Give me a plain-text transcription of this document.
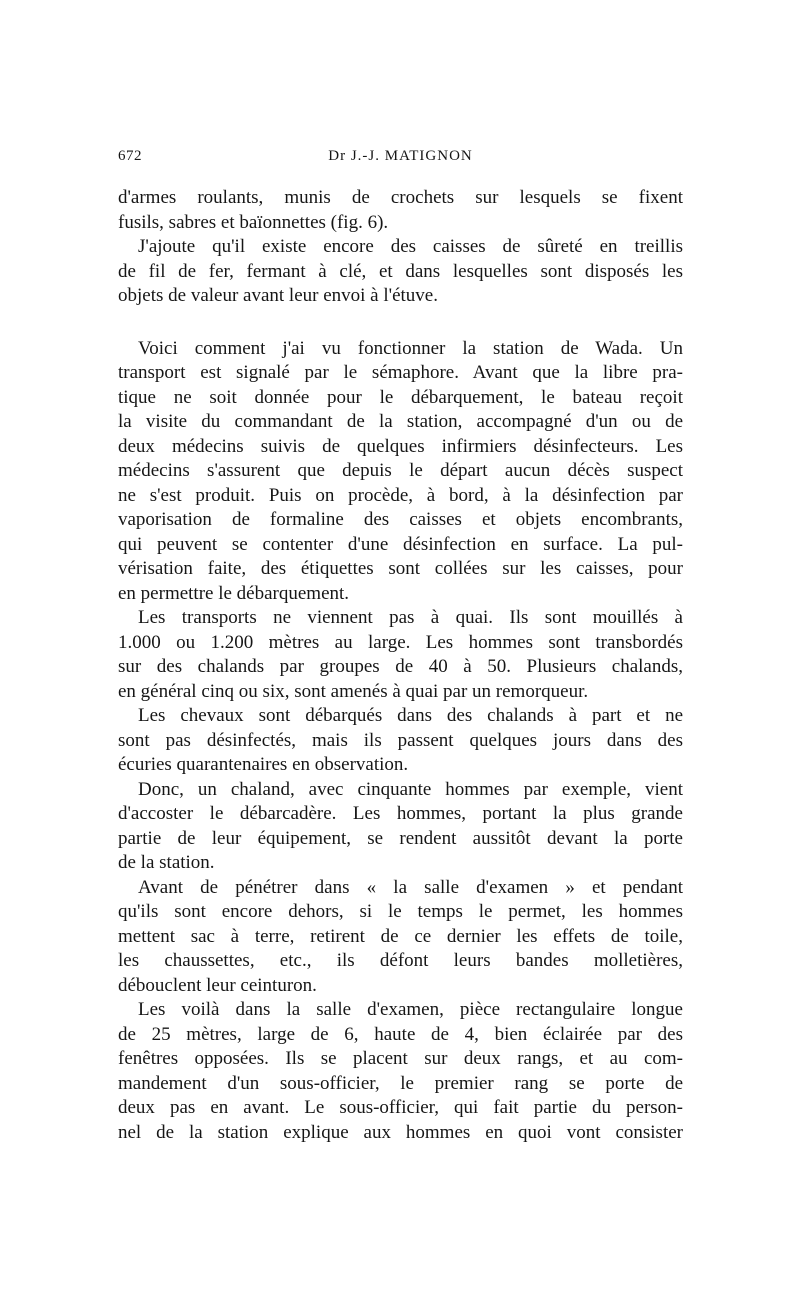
672	Dr J.-J. MATIGNON
d'armes roulants, munis de crochets sur lesquels se fixent
fusils, sabres et baïonnettes (fig. 6).
J'ajoute qu'il existe encore des caisses de sûreté en treillis
de fil de fer, fermant à clé, et dans lesquelles sont disposés les
objets de valeur avant leur envoi à l'étuve.
Voici comment j'ai vu fonctionner la station de Wada. Un
transport est signalé par le sémaphore. Avant que la libre pra-
tique ne soit donnée pour le débarquement, le bateau reçoit
la visite du commandant de la station, accompagné d'un ou de
deux médecins suivis de quelques infirmiers désinfecteurs. Les
médecins s'assurent que depuis le départ aucun décès suspect
ne s'est produit. Puis on procède, à bord, à la désinfection par
vaporisation de formaline des caisses et objets encombrants,
qui peuvent se contenter d'une désinfection en surface. La pul-
vérisation faite, des étiquettes sont collées sur les caisses, pour
en permettre le débarquement.
Les transports ne viennent pas à quai. Ils sont mouillés à
1.000 ou 1.200 mètres au large. Les hommes sont transbordés
sur des chalands par groupes de 40 à 50. Plusieurs chalands,
en général cinq ou six, sont amenés à quai par un remorqueur.
Les chevaux sont débarqués dans des chalands à part et ne
sont pas désinfectés, mais ils passent quelques jours dans des
écuries quarantenaires en observation.
Donc, un chaland, avec cinquante hommes par exemple, vient
d'accoster le débarcadère. Les hommes, portant la plus grande
partie de leur équipement, se rendent aussitôt devant la porte
de la station.
Avant de pénétrer dans « la salle d'examen » et pendant
qu'ils sont encore dehors, si le temps le permet, les hommes
mettent sac à terre, retirent de ce dernier les effets de toile,
les chaussettes, etc., ils défont leurs bandes molletières,
débouclent leur ceinturon.
Les voilà dans la salle d'examen, pièce rectangulaire longue
de 25 mètres, large de 6, haute de 4, bien éclairée par des
fenêtres opposées. Ils se placent sur deux rangs, et au com-
mandement d'un sous-officier, le premier rang se porte de
deux pas en avant. Le sous-officier, qui fait partie du person-
nel de la station explique aux hommes en quoi vont consister
